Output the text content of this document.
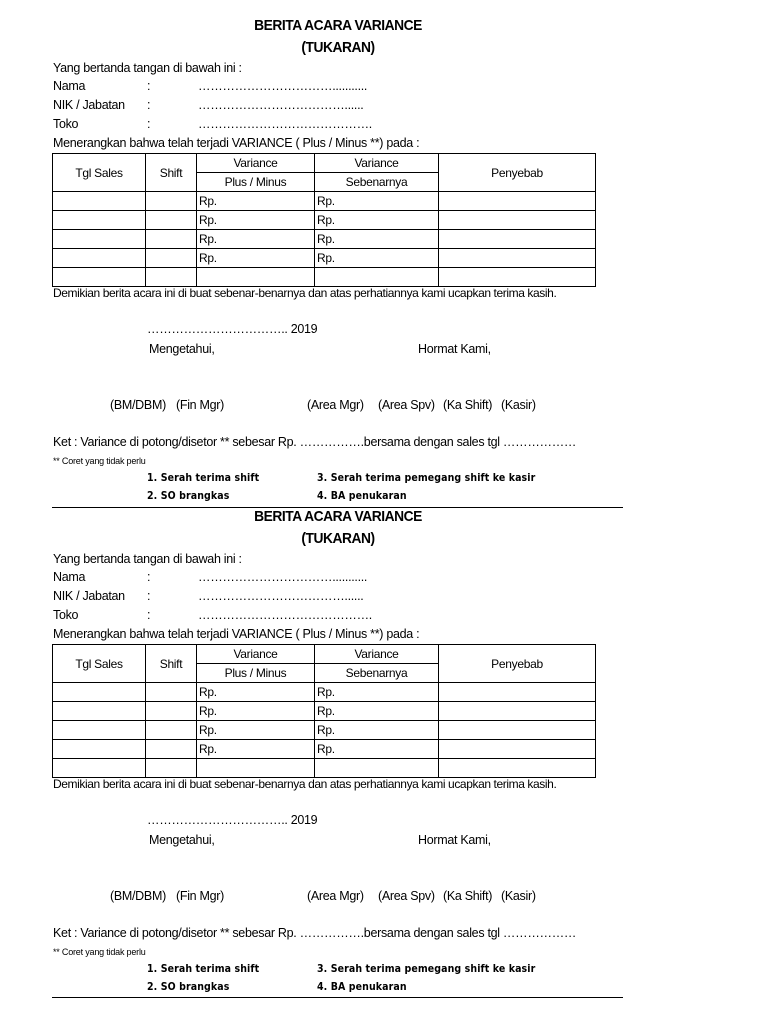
BERITA ACARA VARIANCE
(TUKARAN)
Yang bertanda tangan di bawah ini :
Nama	:	……………………………...........
NIK / Jabatan :	………………………………......
Toko	:	…………………………………….
Menerangkan bahwa telah terjadi VARIANCE ( Plus / Minus **) pada :
Tgl Sales	Shift	Variance	Variance	Penyebab
		Plus / Minus	Sebenarnya	
		Rp.	Rp.	
		Rp.	Rp.	
		Rp.	Rp.	
		Rp.	Rp.	

Demikian berita acara ini di buat sebenar-benarnya dan atas perhatiannya kami ucapkan terima kasih.
…………………………….. 2019
Mengetahui,	Hormat Kami,
(BM/DBM) (Fin Mgr)	(Area Mgr) (Area Spv) (Ka Shift) (Kasir)
Ket : Variance di potong/disetor ** sebesar Rp. …………….bersama dengan sales tgl ………………
** Coret yang tidak perlu
1. Serah terima shift	3. Serah terima pemegang shift ke kasir
2. SO brangkas	4. BA penukaran
BERITA ACARA VARIANCE
(TUKARAN)
Yang bertanda tangan di bawah ini :
Nama	:	……………………………...........
NIK / Jabatan :	………………………………......
Toko	:	…………………………………….
Menerangkan bahwa telah terjadi VARIANCE ( Plus / Minus **) pada :
Tgl Sales	Shift	Variance	Variance	Penyebab
		Plus / Minus	Sebenarnya	
		Rp.	Rp.	
		Rp.	Rp.	
		Rp.	Rp.	
		Rp.	Rp.	

Demikian berita acara ini di buat sebenar-benarnya dan atas perhatiannya kami ucapkan terima kasih.
…………………………….. 2019
Mengetahui,	Hormat Kami,
(BM/DBM) (Fin Mgr)	(Area Mgr) (Area Spv) (Ka Shift) (Kasir)
Ket : Variance di potong/disetor ** sebesar Rp. …………….bersama dengan sales tgl ………………
** Coret yang tidak perlu
1. Serah terima shift	3. Serah terima pemegang shift ke kasir
2. SO brangkas	4. BA penukaran
